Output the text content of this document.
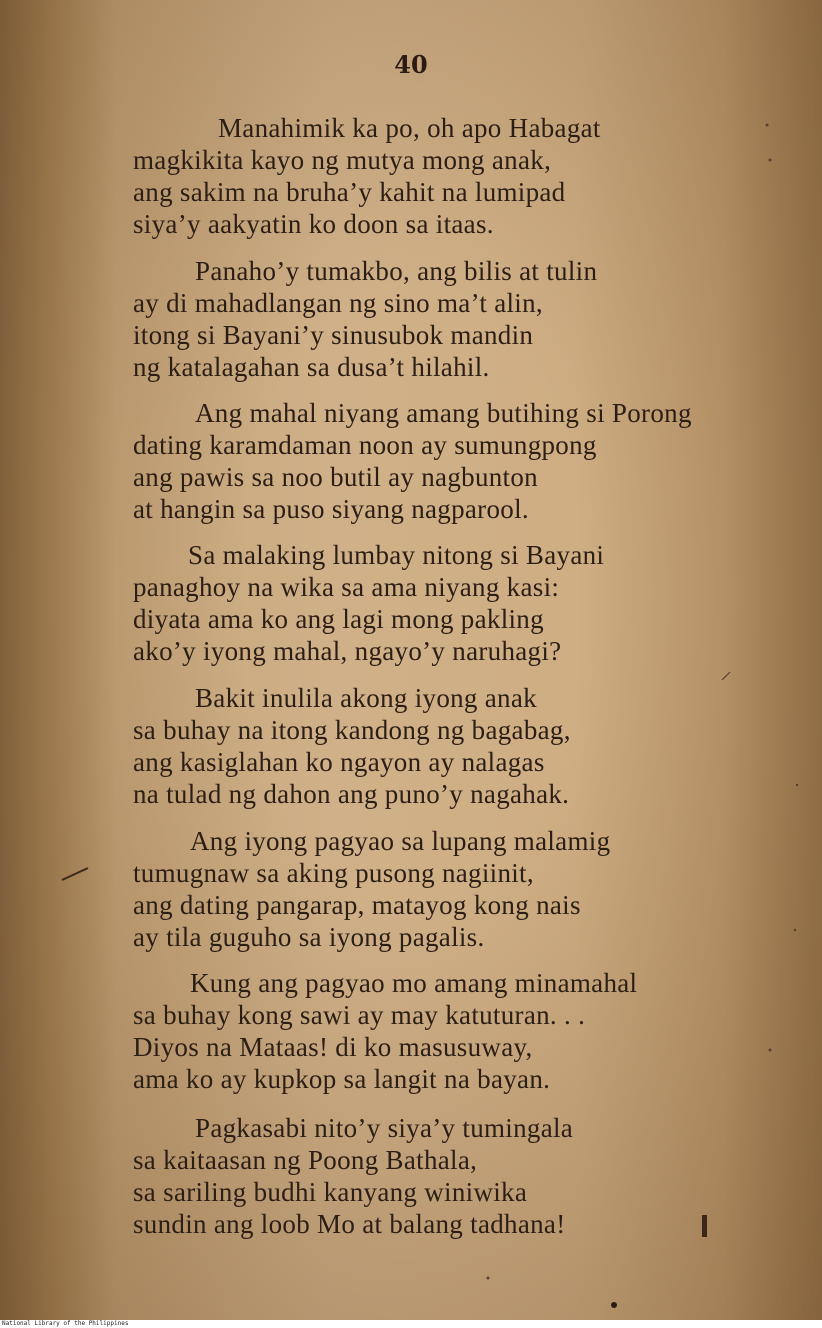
40
Manahimik ka po, oh apo Habagat
magkikita kayo ng mutya mong anak,
ang sakim na bruha’y kahit na lumipad
siya’y aakyatin ko doon sa itaas.
Panaho’y tumakbo, ang bilis at tulin
ay di mahadlangan ng sino ma’t alin,
itong si Bayani’y sinusubok mandin
ng katalagahan sa dusa’t hilahil.
Ang mahal niyang amang butihing si Porong
dating karamdaman noon ay sumungpong
ang pawis sa noo butil ay nagbunton
at hangin sa puso siyang nagparool.
Sa malaking lumbay nitong si Bayani
panaghoy na wika sa ama niyang kasi:
diyata ama ko ang lagi mong pakling
ako’y iyong mahal, ngayo’y naruhagi?
Bakit inulila akong iyong anak
sa buhay na itong kandong ng bagabag,
ang kasiglahan ko ngayon ay nalagas
na tulad ng dahon ang puno’y nagahak.
Ang iyong pagyao sa lupang malamig
tumugnaw sa aking pusong nagiinit,
ang dating pangarap, matayog kong nais
ay tila guguho sa iyong pagalis.
Kung ang pagyao mo amang minamahal
sa buhay kong sawi ay may katuturan. . .
Diyos na Mataas! di ko masusuway,
ama ko ay kupkop sa langit na bayan.
Pagkasabi nito’y siya’y tumingala
sa kaitaasan ng Poong Bathala,
sa sariling budhi kanyang winiwika
sundin ang loob Mo at balang tadhana!
National Library of the Philippines
